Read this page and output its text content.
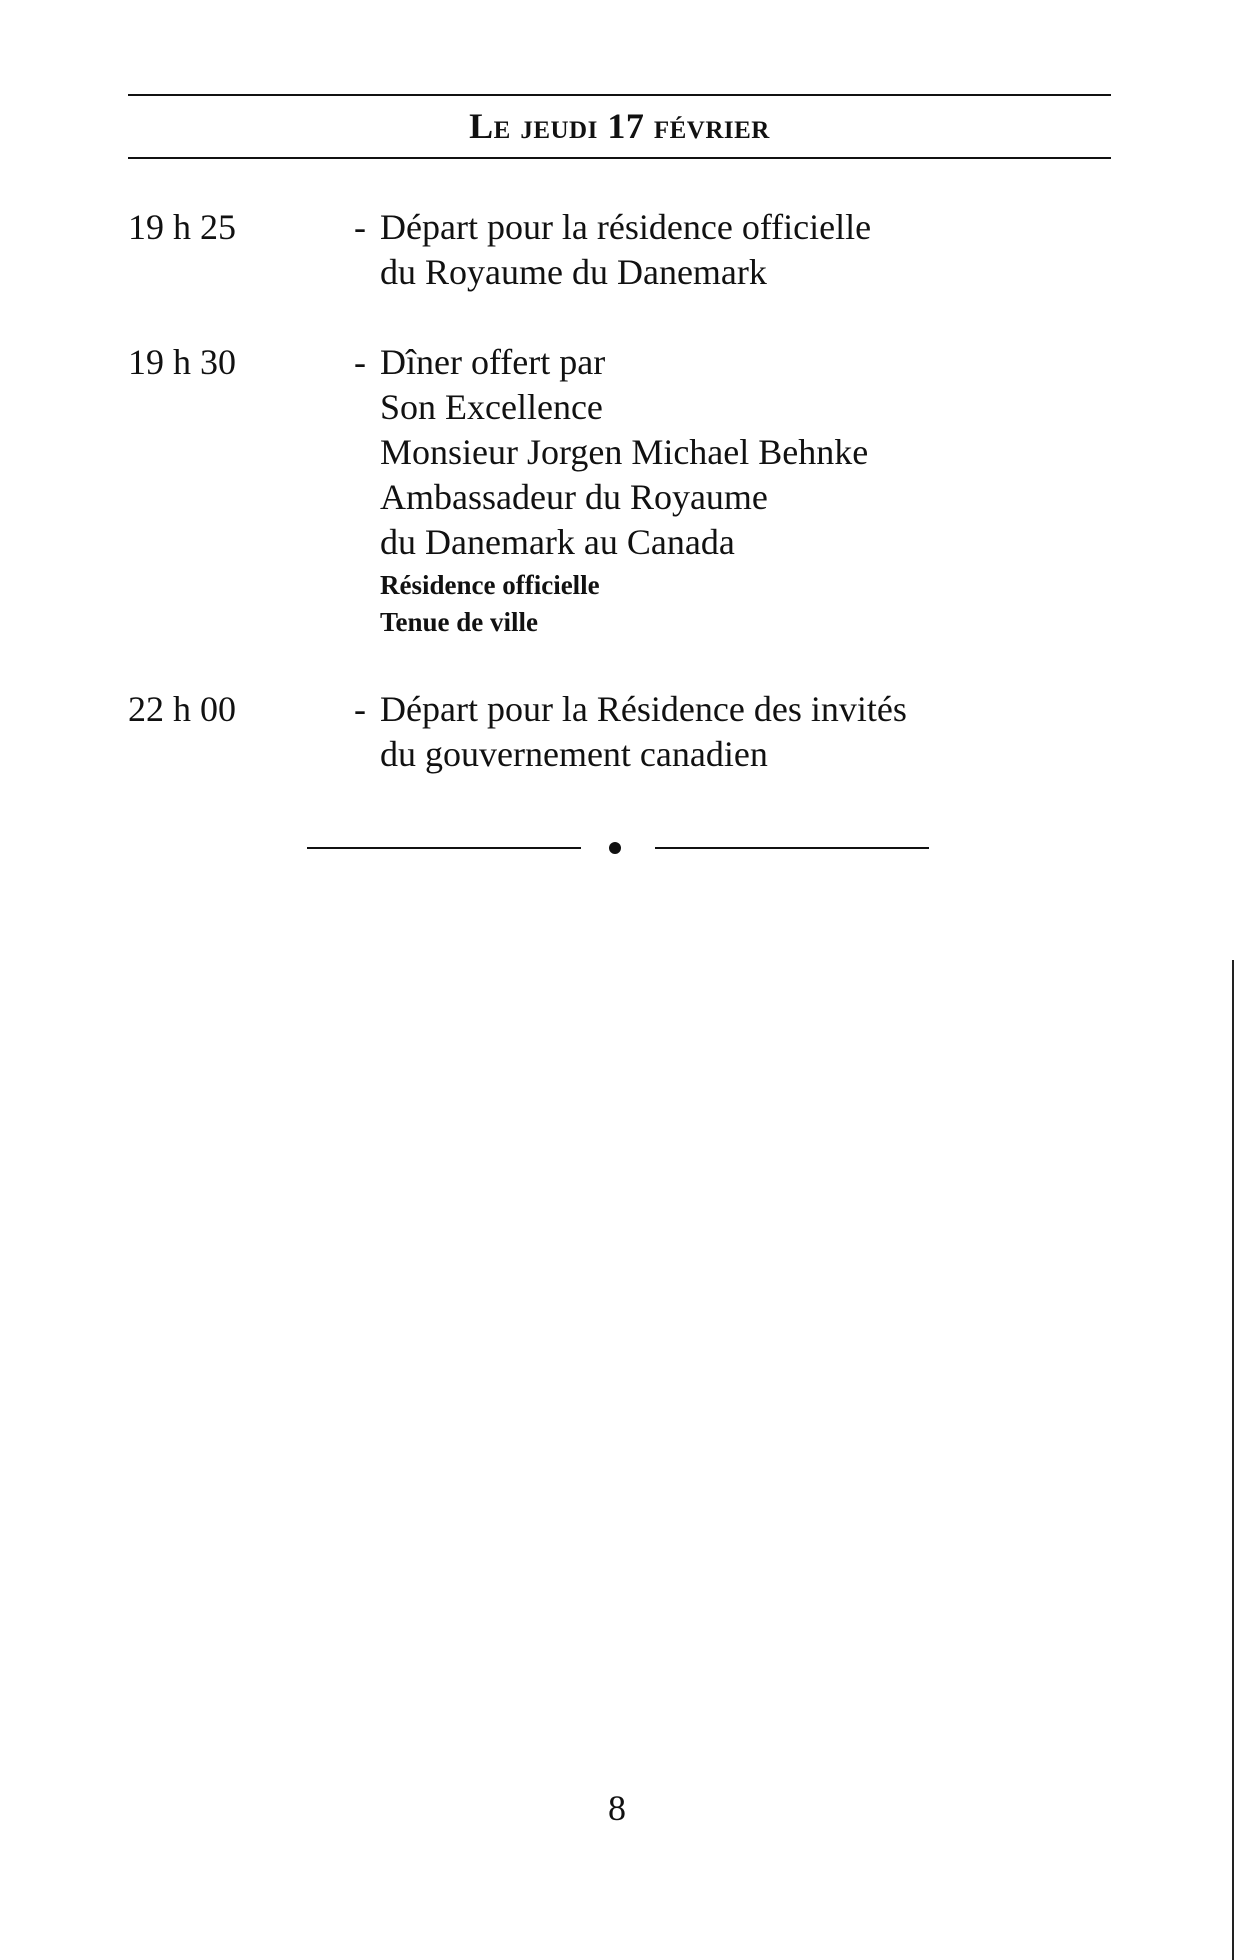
Le jeudi 17 février
19 h 25	- Départ pour la résidence officielle
du Royaume du Danemark
19 h 30	- Dîner offert par
Son Excellence
Monsieur Jorgen Michael Behnke
Ambassadeur du Royaume
du Danemark au Canada
Résidence officielle
Tenue de ville
22 h 00	- Départ pour la Résidence des invités
du gouvernement canadien
8
